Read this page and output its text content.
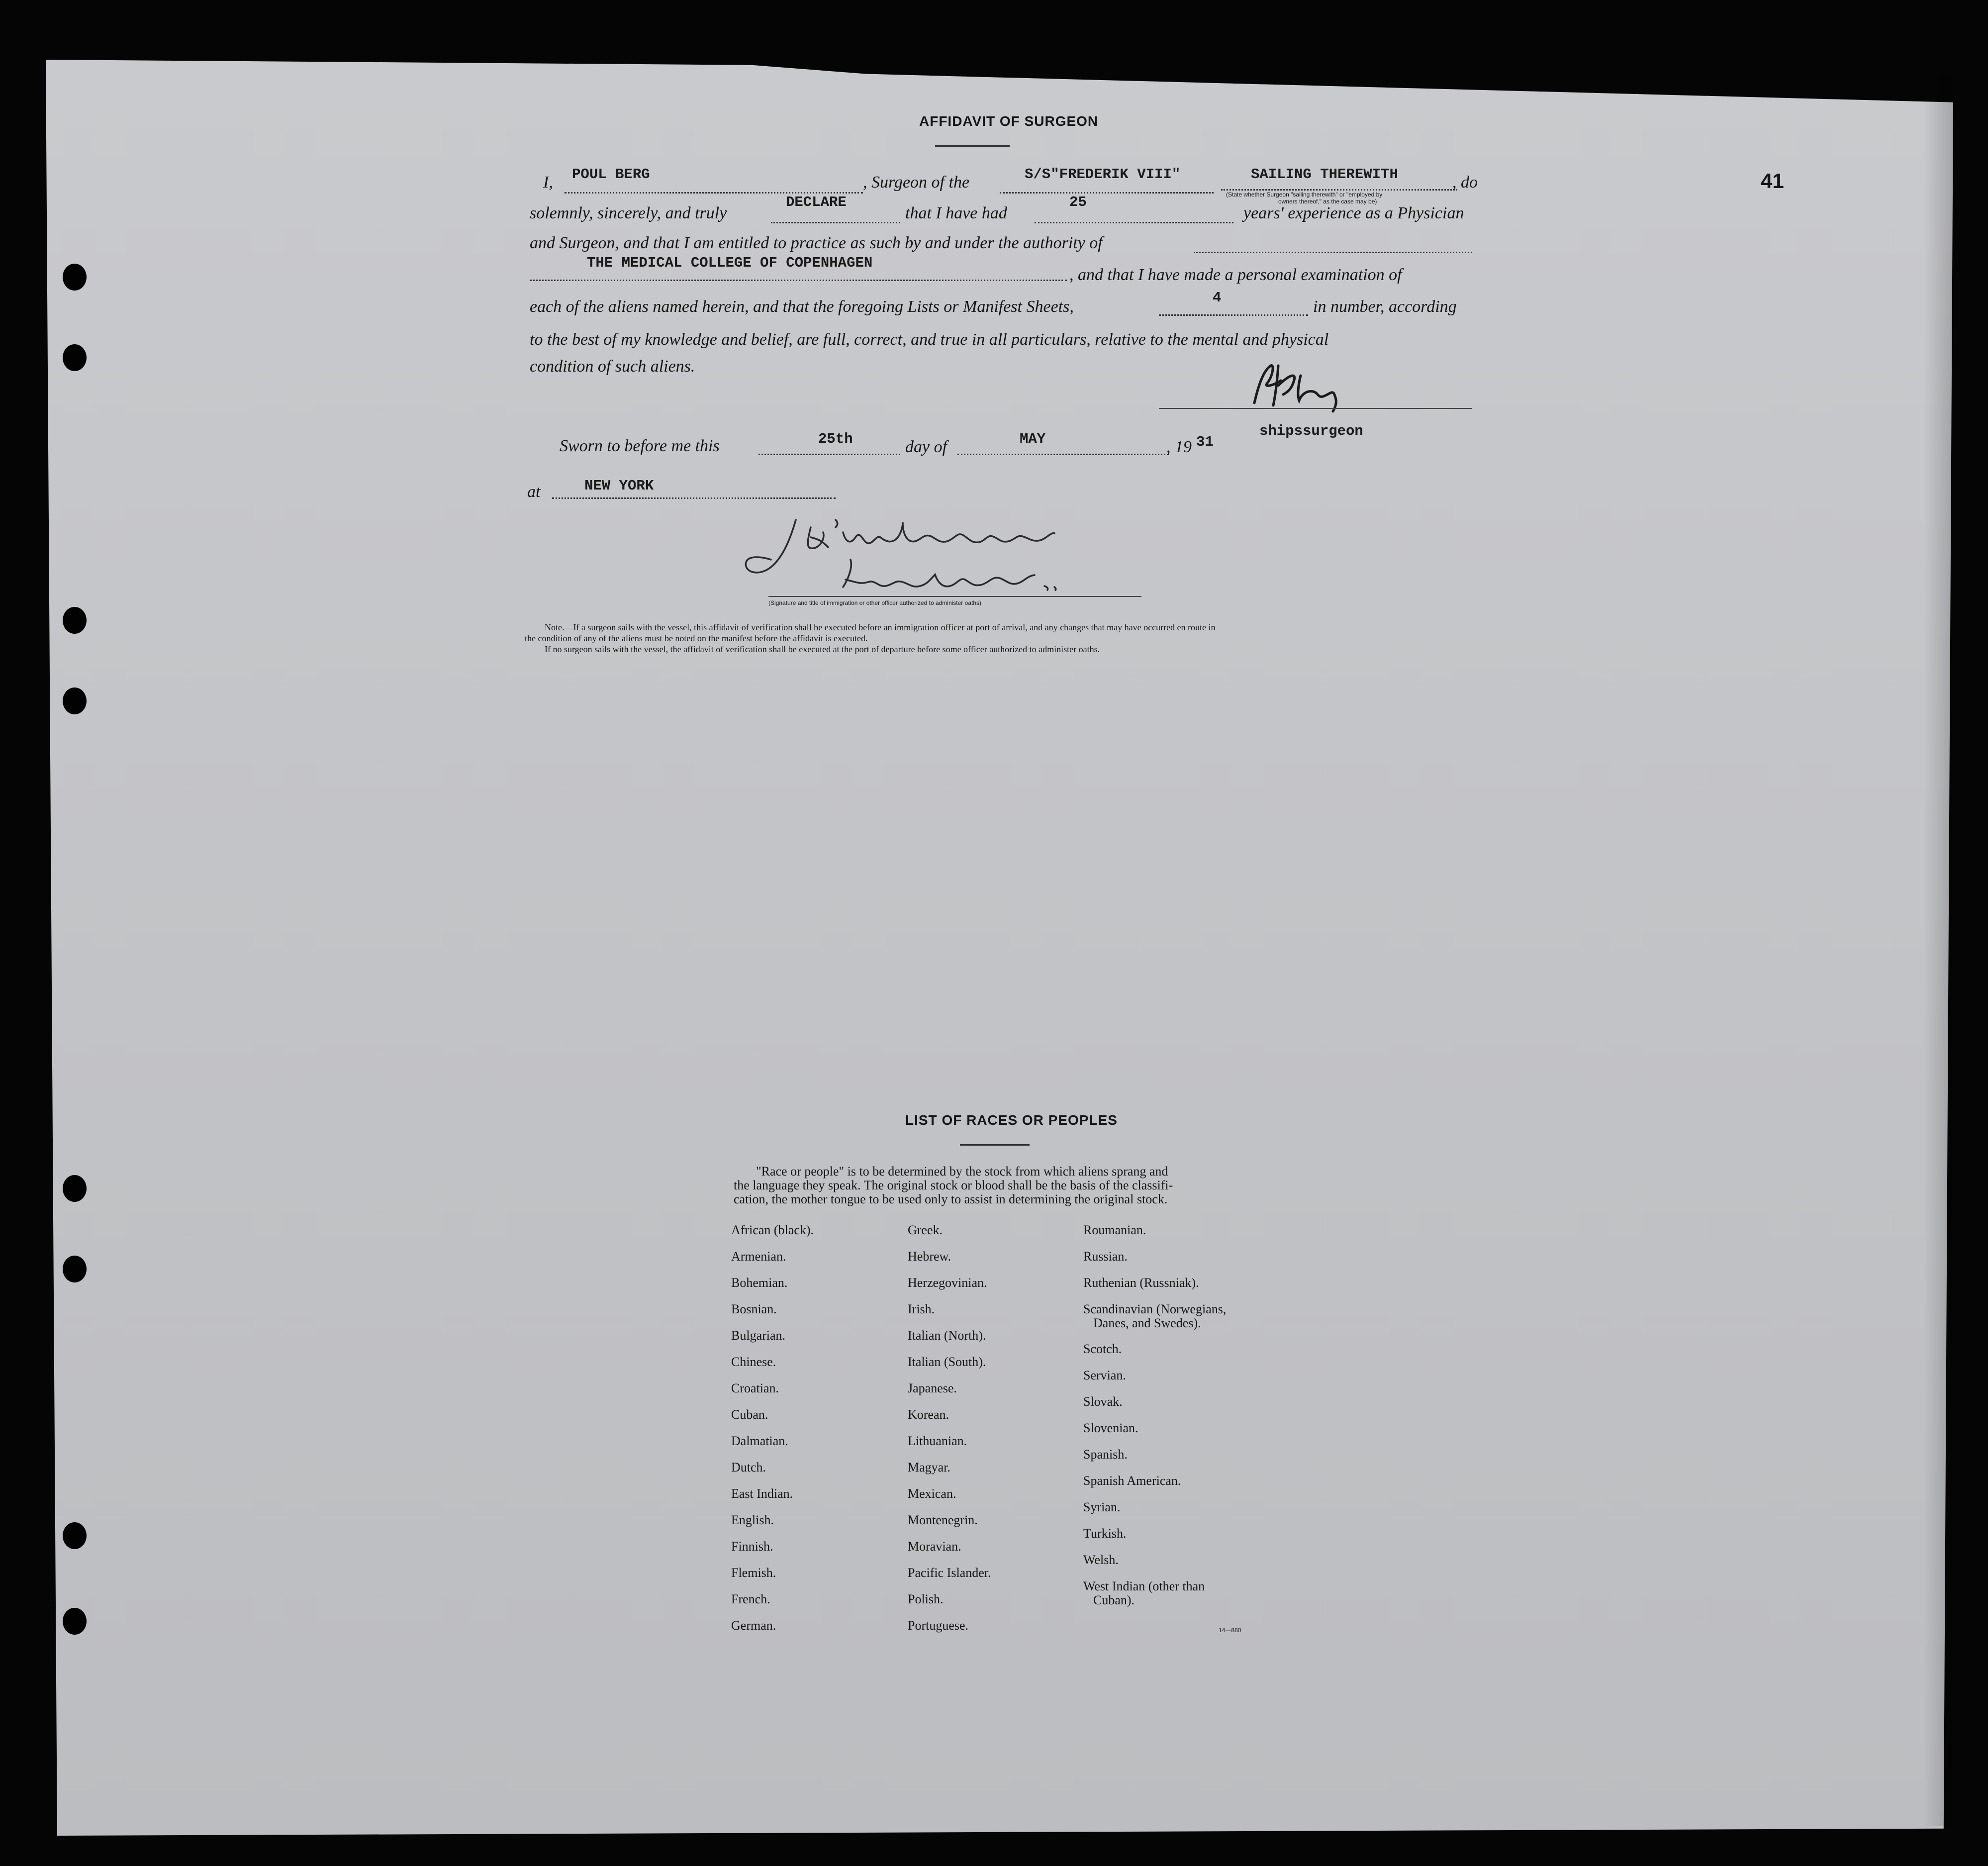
41
AFFIDAVIT OF SURGEON
I, POUL BERG	, Surgeon of the	S/S"FREDERIK VIII"	SAILING THEREWITH	, do
(State whether Surgeon "sailing therewith" or "employed by
owners thereof," as the case may be)
solemnly, sincerely, and truly
DECLARE
that I have had
25
years' experience as a Physician
and Surgeon, and that I am entitled to practice as such by and under the authority of
THE MEDICAL COLLEGE OF COPENHAGEN
, and that I have made a personal examination of
each of the aliens named herein, and that the foregoing Lists or Manifest Sheets,	4	in number, according
to the best of my knowledge and belief, are full, correct, and true in all particulars, relative to the mental and physical
condition of such aliens.
shipssurgeon
Sworn to before me this	25th	day of	MAY	, 19 31
at	NEW YORK
(Signature and title of immigration or other officer authorized to administer oaths)
Note.—If a surgeon sails with the vessel, this affidavit of verification shall be executed before an immigration officer at port of arrival, and any changes that may have occurred en route in
the condition of any of the aliens must be noted on the manifest before the affidavit is executed.
If no surgeon sails with the vessel, the affidavit of verification shall be executed at the port of departure before some officer authorized to administer oaths.
LIST OF RACES OR PEOPLES
"Race or people" is to be determined by the stock from which aliens sprang and
the language they speak. The original stock or blood shall be the basis of the classifi-
cation, the mother tongue to be used only to assist in determining the original stock.
African (black).
Armenian.
Bohemian.
Bosnian.
Bulgarian.
Chinese.
Croatian.
Cuban.
Dalmatian.
Dutch.
East Indian.
English.
Finnish.
Flemish.
French.
German.
Greek.
Hebrew.
Herzegovinian.
Irish.
Italian (North).
Italian (South).
Japanese.
Korean.
Lithuanian.
Magyar.
Mexican.
Montenegrin.
Moravian.
Pacific Islander.
Polish.
Portuguese.
Roumanian.
Russian.
Ruthenian (Russniak).
Scandinavian (Norwegians,
Danes, and Swedes).
Scotch.
Servian.
Slovak.
Slovenian.
Spanish.
Spanish American.
Syrian.
Turkish.
Welsh.
West Indian (other than
Cuban).
14—880
